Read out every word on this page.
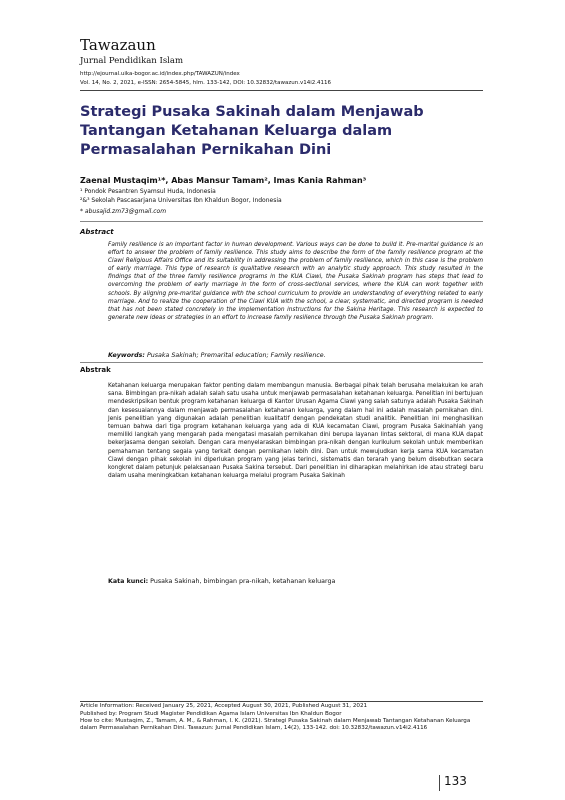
Tawazaun
Jurnal Pendidikan Islam
http://ejournal.uika-bogor.ac.id/index.php/TAWAZUN/index
Vol. 14, No. 2, 2021, e-ISSN: 2654-5845, hlm. 133-142, DOI: 10.32832/tawazun.v14i2.4116
Strategi Pusaka Sakinah dalam Menjawab
Tantangan Ketahanan Keluarga dalam
Permasalahan Pernikahan Dini
Zaenal Mustaqim¹*, Abas Mansur Tamam², Imas Kania Rahman³
¹ Pondok Pesantren Syamsul Huda, Indonesia
²&³ Sekolah Pascasarjana Universitas Ibn Khaldun Bogor, Indonesia
* abusajid.zm73@gmail.com
Abstract
Family resilience is an important factor in human development. Various ways can be done to build it. Pre-marital guidance is an effort to answer the problem of family resilience. This study aims to describe the form of the family resilience program at the Ciawi Religious Affairs Office and its suitability in addressing the problem of family resilience, which in this case is the problem of early marriage. This type of research is qualitative research with an analytic study approach. This study resulted in the findings that of the three family resilience programs in the KUA Ciawi, the Pusaka Sakinah program has steps that lead to overcoming the problem of early marriage in the form of cross-sectional services, where the KUA can work together with schools. By aligning pre-marital guidance with the school curriculum to provide an understanding of everything related to early marriage. And to realize the cooperation of the Ciawi KUA with the school, a clear, systematic, and directed program is needed that has not been stated concretely in the implementation instructions for the Sakina Heritage. This research is expected to generate new ideas or strategies in an effort to increase family resilience through the Pusaka Sakinah program.
Keywords: Pusaka Sakinah; Premarital education; Family resilience.
Abstrak
Ketahanan keluarga merupakan faktor penting dalam membangun manusia. Berbagai pihak telah berusaha melakukan ke arah sana. Bimbingan pra-nikah adalah salah satu usaha untuk menjawab permasalahan ketahanan keluarga. Penelitian ini bertujuan mendeskripsikan bentuk program ketahanan keluarga di Kantor Urusan Agama Ciawi yang salah satunya adalah Pusaka Sakinah dan kesesuaiannya dalam menjawab permasalahan ketahanan keluarga, yang dalam hal ini adalah masalah pernikahan dini. Jenis penelitian yang digunakan adalah penelitian kualitatif dengan pendekatan studi analitik. Penelitian ini menghasilkan temuan bahwa dari tiga program ketahanan keluarga yang ada di KUA kecamatan Ciawi, program Pusaka Sakinahlah yang memiliki langkah yang mengarah pada mengatasi masalah pernikahan dini berupa layanan lintas sektoral, di mana KUA dapat bekerjasama dengan sekolah. Dengan cara menyelaraskan bimbingan pra-nikah dengan kurikulum sekolah untuk memberikan pemahaman tentang segala yang terkait dengan pernikahan lebih dini. Dan untuk mewujudkan kerja sama KUA kecamatan Ciawi dengan pihak sekolah ini diperlukan program yang jelas terinci, sistematis dan terarah yang belum disebutkan secara kongkret dalam petunjuk pelaksanaan Pusaka Sakina tersebut. Dari penelitian ini diharapkan melahirkan ide atau strategi baru dalam usaha meningkatkan ketahanan keluarga melalui program Pusaka Sakinah
Kata kunci: Pusaka Sakinah, bimbingan pra-nikah, ketahanan keluarga
Article Information: Received January 25, 2021, Accepted August 30, 2021, Published August 31, 2021
Published by: Program Studi Magister Pendidikan Agama Islam Universitas Ibn Khaldun Bogor
How to cite: Mustaqim, Z., Tamam, A. M., & Rahman, I. K. (2021). Strategi Pusaka Sakinah dalam Menjawab Tantangan Ketahanan Keluarga dalam Permasalahan Pernikahan Dini. Tawazun: Jurnal Pendidikan Islam, 14(2), 133-142. doi: 10.32832/tawazun.v14i2.4116
133
